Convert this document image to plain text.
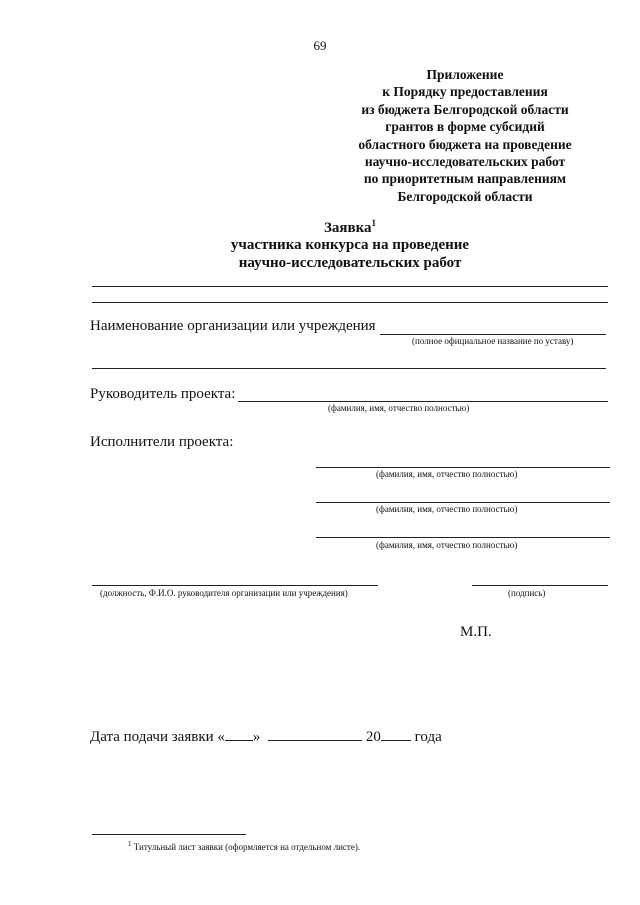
69
Приложение
к Порядку предоставления
из бюджета Белгородской области
грантов в форме субсидий
областного бюджета на проведение
научно-исследовательских работ
по приоритетным направлениям
Белгородской области
Заявка$^1$
участника конкурса на проведение
научно-исследовательских работ
Наименование организации или учреждения
(полное официальное название по уставу)
Руководитель проекта:
(фамилия, имя, отчество полностью)
Исполнители проекта:
(фамилия, имя, отчество полностью)
(фамилия, имя, отчество полностью)
(фамилия, имя, отчество полностью)
(должность, Ф.И.О. руководителя организации или учреждения)	(подпись)
М.П.
Дата подачи заявки « »	20 года
$^1$ Титульный лист заявки (оформляется на отдельном листе).
